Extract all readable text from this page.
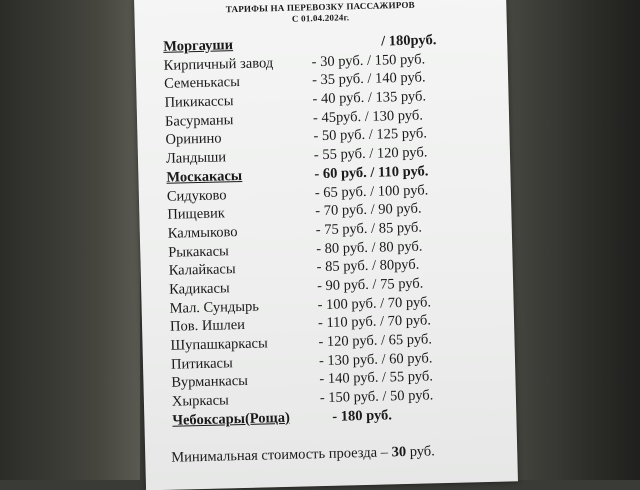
ТАРИФЫ НА ПЕРЕВОЗКУ ПАССАЖИРОВ
С 01.04.2024г.
Моргауши	/ 180руб.
Кирпичный завод	- 30 руб. / 150 руб.
Семенькасы	- 35 руб. / 140 руб.
Пикикассы	- 40 руб. / 135 руб.
Басурманы	- 45руб. / 130 руб.
Оринино	- 50 руб. / 125 руб.
Ландыши	- 55 руб. / 120 руб.
Москакасы	- 60 руб. / 110 руб.
Сидуково	- 65 руб. / 100 руб.
Пищевик	- 70 руб. / 90 руб.
Калмыково	- 75 руб. / 85 руб.
Рыкакасы	- 80 руб. / 80 руб.
Калайкасы	- 85 руб. / 80руб.
Кадикасы	- 90 руб. / 75 руб.
Мал. Сундырь	- 100 руб. / 70 руб.
Пов. Ишлеи	- 110 руб. / 70 руб.
Шупашкаркасы	- 120 руб. / 65 руб.
Питикасы	- 130 руб. / 60 руб.
Вурманкасы	- 140 руб. / 55 руб.
Хыркасы	- 150 руб. / 50 руб.
Чебоксары(Роща)	- 180 руб.
Минимальная стоимость проезда – 30 руб.
